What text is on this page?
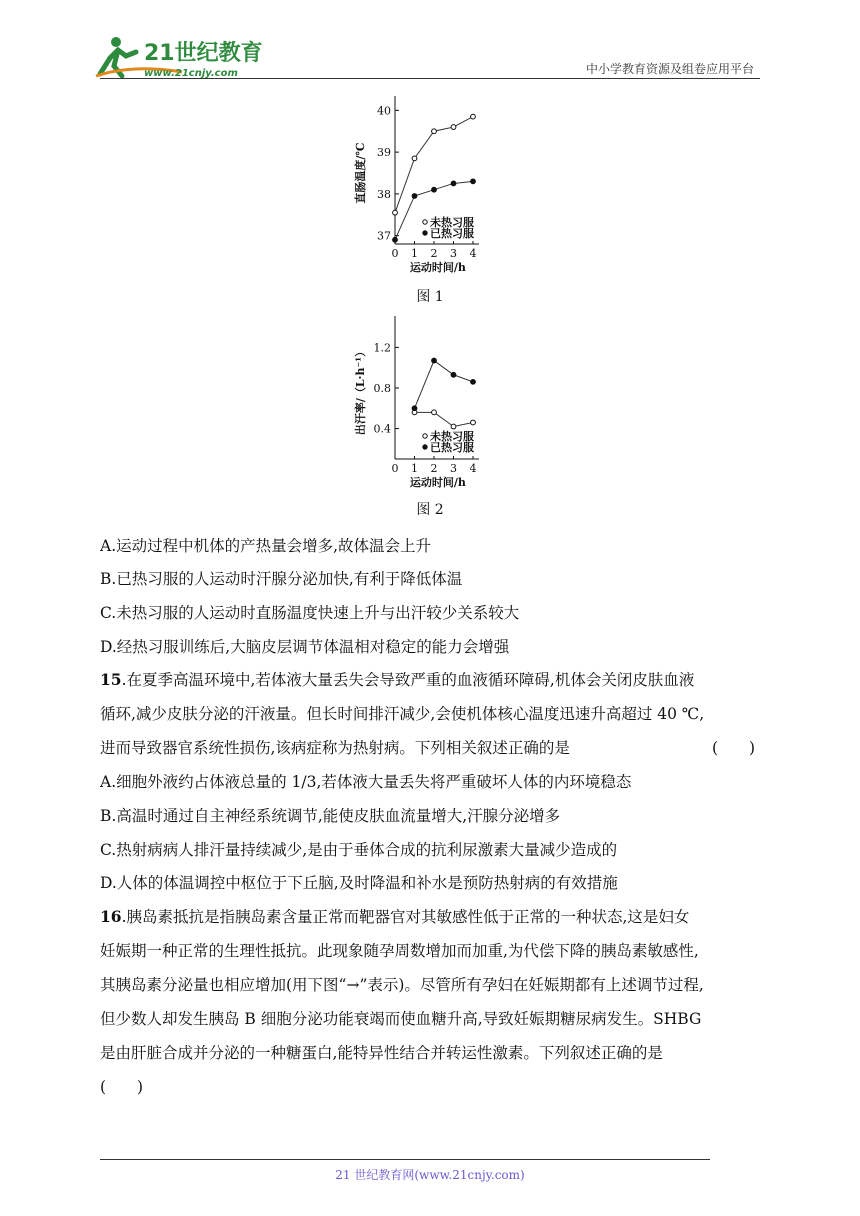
21世纪教育
www.21cnjy.com	中小学教育资源及组卷应用平台
37
38
39
40
0 1 2 3 4
运动时间/h
直肠温度/℃
未热习服
已热习服
图 1
0.4
0.8
1.2
0 1 2 3 4
运动时间/h
出汗率/（L·h⁻¹）
未热习服
已热习服
图 2
A.运动过程中机体的产热量会增多,故体温会上升
B.已热习服的人运动时汗腺分泌加快,有利于降低体温
C.未热习服的人运动时直肠温度快速上升与出汗较少关系较大
D.经热习服训练后,大脑皮层调节体温相对稳定的能力会增强
15.在夏季高温环境中,若体液大量丢失会导致严重的血液循环障碍,机体会关闭皮肤血液
循环,减少皮肤分泌的汗液量。但长时间排汗减少,会使机体核心温度迅速升高超过 40 ℃,
进而导致器官系统性损伤,该病症称为热射病。下列相关叙述正确的是	(　　)
A.细胞外液约占体液总量的 1/3,若体液大量丢失将严重破坏人体的内环境稳态
B.高温时通过自主神经系统调节,能使皮肤血流量增大,汗腺分泌增多
C.热射病病人排汗量持续减少,是由于垂体合成的抗利尿激素大量减少造成的
D.人体的体温调控中枢位于下丘脑,及时降温和补水是预防热射病的有效措施
16.胰岛素抵抗是指胰岛素含量正常而靶器官对其敏感性低于正常的一种状态,这是妇女
妊娠期一种正常的生理性抵抗。此现象随孕周数增加而加重,为代偿下降的胰岛素敏感性,
其胰岛素分泌量也相应增加(用下图“→”表示)。尽管所有孕妇在妊娠期都有上述调节过程,
但少数人却发生胰岛 B 细胞分泌功能衰竭而使血糖升高,导致妊娠期糖尿病发生。SHBG
是由肝脏合成并分泌的一种糖蛋白,能特异性结合并转运性激素。下列叙述正确的是
(　　)
21 世纪教育网(www.21cnjy.com)
